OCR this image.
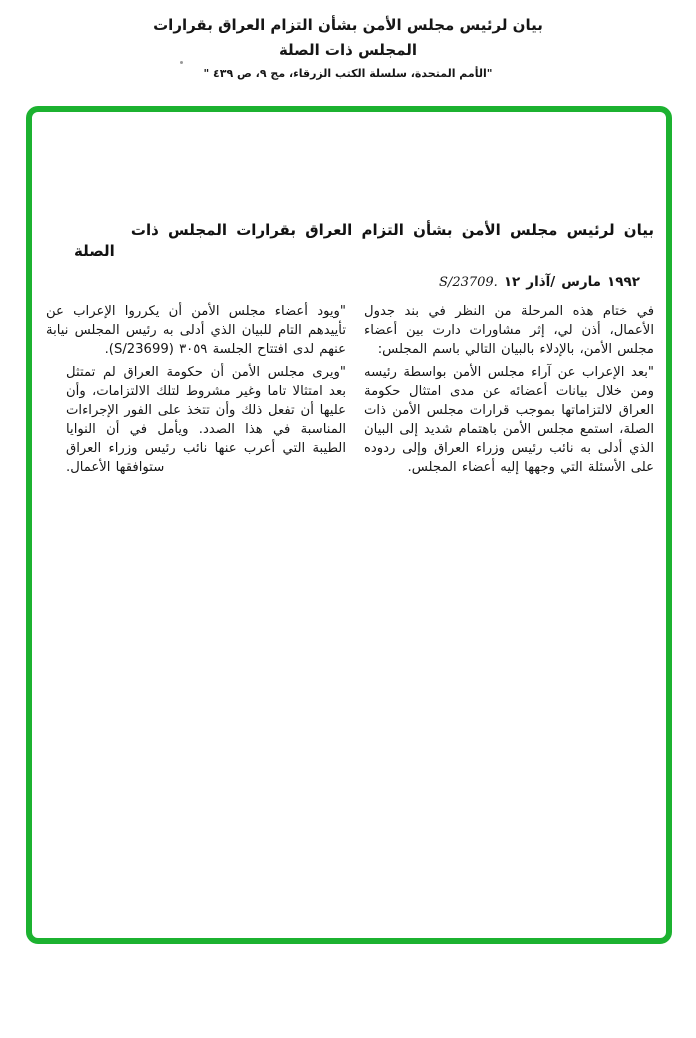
بيان لرئيس مجلس الأمن بشأن التزام العراق بقرارات
المجلس ذات الصلة
"الأمم المتحدة، سلسلة الكتب الزرقاء، مج ٩، ص ٤٣٩ "
بيان لرئيس مجلس الأمن بشأن التزام العراق بقرارات المجلس ذات
الصلة
S/23709. ١٢ آذار/ مارس ١٩٩٢

"ويود أعضاء مجلس الأمن أن يكرروا الإعراب عن تأييدهم التام للبيان الذي أدلى به رئيس المجلس نيابة عنهم لدى افتتاح الجلسة ٣٠٥٩ (S/23699).

"ويرى مجلس الأمن أن حكومة العراق لم تمتثل بعد امتثالا تاما وغير مشروط لتلك الالتزامات، وأن عليها أن تفعل ذلك وأن تتخذ على الفور الإجراءات المناسبة في هذا الصدد. ويأمل في أن النوايا الطيبة التي أعرب عنها نائب رئيس وزراء العراق ستوافقها الأعمال.

في ختام هذه المرحلة من النظر في بند جدول الأعمال، أذن لي، إثر مشاورات دارت بين أعضاء مجلس الأمن، بالإدلاء بالبيان التالي باسم المجلس:

"بعد الإعراب عن آراء مجلس الأمن بواسطة رئيسه ومن خلال بيانات أعضائه عن مدى امتثال حكومة العراق لالتزاماتها بموجب قرارات مجلس الأمن ذات الصلة، استمع مجلس الأمن باهتمام شديد إلى البيان الذي أدلى به نائب رئيس وزراء العراق وإلى ردوده على الأسئلة التي وجهها إليه أعضاء المجلس.
